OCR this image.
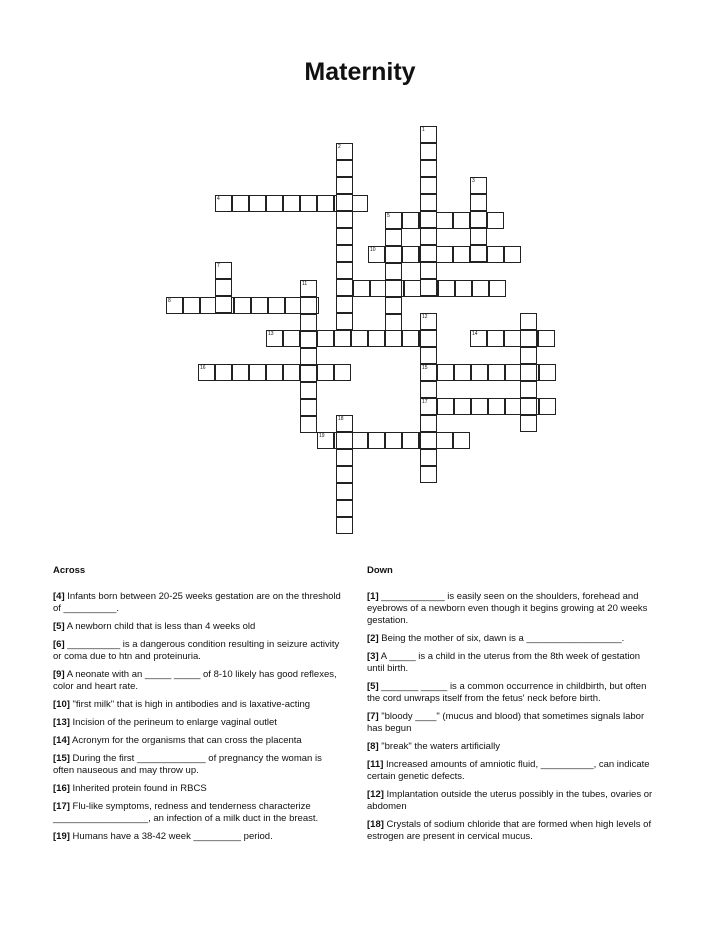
Maternity
4
5
10
8
13	14
16	15
17
19
1
2
3
7
11
12
18
Across
[4] Infants born between 20-25 weeks gestation are on the threshold of __________.
[5] A newborn child that is less than 4 weeks old
[6] __________ is a dangerous condition resulting in seizure activity or coma due to htn and proteinuria.
[9] A neonate with an _____ _____ of 8-10 likely has good reflexes, color and heart rate.
[10] "first milk" that is high in antibodies and is laxative-acting
[13] Incision of the perineum to enlarge vaginal outlet
[14] Acronym for the organisms that can cross the placenta
[15] During the first _____________ of pregnancy the woman is often nauseous and may throw up.
[16] Inherited protein found in RBCS
[17] Flu-like symptoms, redness and tenderness characterize __________________, an infection of a milk duct in the breast.
[19] Humans have a 38-42 week _________ period.
Down
[1] ____________ is easily seen on the shoulders, forehead and eyebrows of a newborn even though it begins growing at 20 weeks gestation.
[2] Being the mother of six, dawn is a __________________.
[3] A _____ is a child in the uterus from the 8th week of gestation until birth.
[5] _______ _____ is a common occurrence in childbirth, but often the cord unwraps itself from the fetus' neck before birth.
[7] "bloody ____" (mucus and blood) that sometimes signals labor has begun
[8] "break" the waters artificially
[11] Increased amounts of amniotic fluid, __________, can indicate certain genetic defects.
[12] Implantation outside the uterus possibly in the tubes, ovaries or abdomen
[18] Crystals of sodium chloride that are formed when high levels of estrogen are present in cervical mucus.
